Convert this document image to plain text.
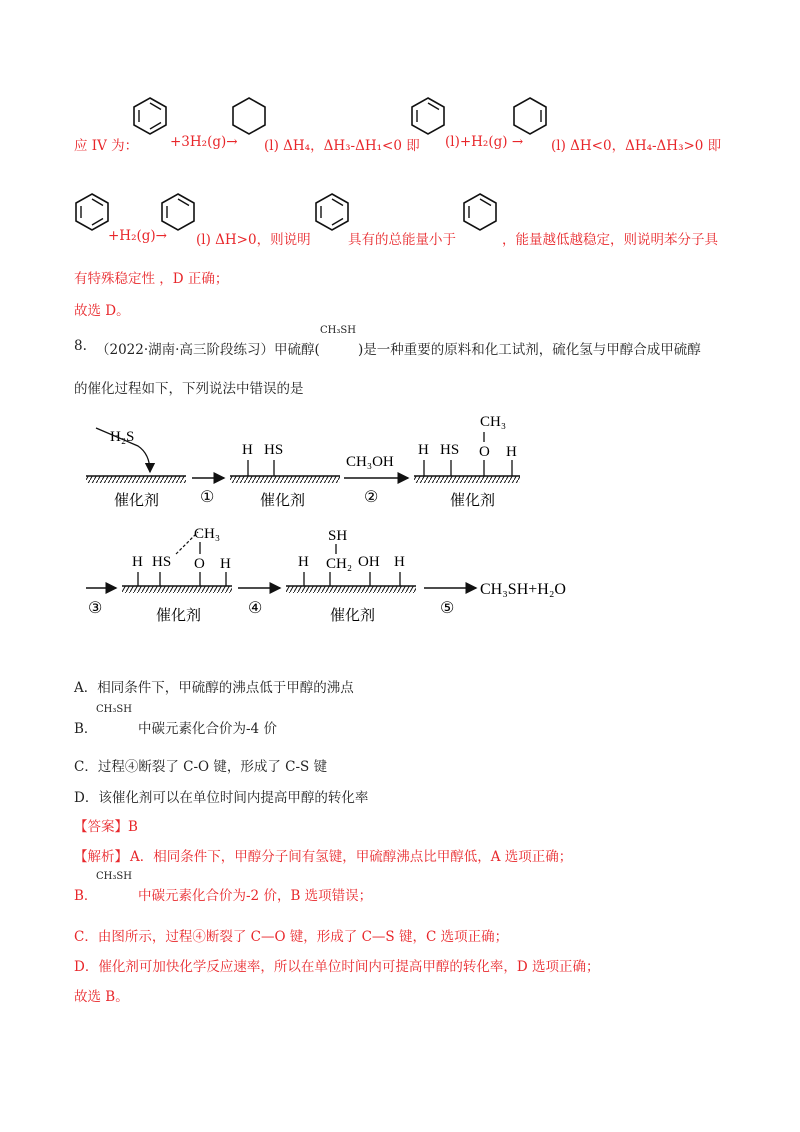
应 IV 为： +3H₂(g)→ (l) ΔH₄，ΔH₃-ΔH₁<0 即 (l)+H₂(g) → (l) ΔH<0，ΔH₄-ΔH₃>0 即
+H₂(g)→ (l) ΔH>0，则说明	具有的总能量小于	，能量越低越稳定，则说明苯分子具
有特殊稳定性 ，D 正确；
故选 D。
8. （2022·湖南·高三阶段练习）甲硫醇(
CH₃SH
)是一种重要的原料和化工试剂，硫化氢与甲醇合成甲硫醇
的催化过程如下，下列说法中错误的是
H₂S
催化剂	①
H HS
催化剂
CH₃OH
②
H HS
CH₃
O H
催化剂
③
H HS
CH₃
O H
催化剂	④
H
SH
CH₂ OH H
催化剂	⑤
CH₃SH+H₂O
A．相同条件下，甲硫醇的沸点低于甲醇的沸点
B．
CH₃SH
中碳元素化合价为-4 价
C．过程④断裂了 C-O 键，形成了 C-S 键
D．该催化剂可以在单位时间内提高甲醇的转化率
【答案】B
【解析】 A．相同条件下，甲醇分子间有氢键，甲硫醇沸点比甲醇低，A 选项正确；
B．
CH₃SH
中碳元素化合价为-2 价，B 选项错误；
C．由图所示，过程④断裂了 C—O 键，形成了 C—S 键，C 选项正确；
D．催化剂可加快化学反应速率，所以在单位时间内可提高甲醇的转化率，D 选项正确；
故选 B。
